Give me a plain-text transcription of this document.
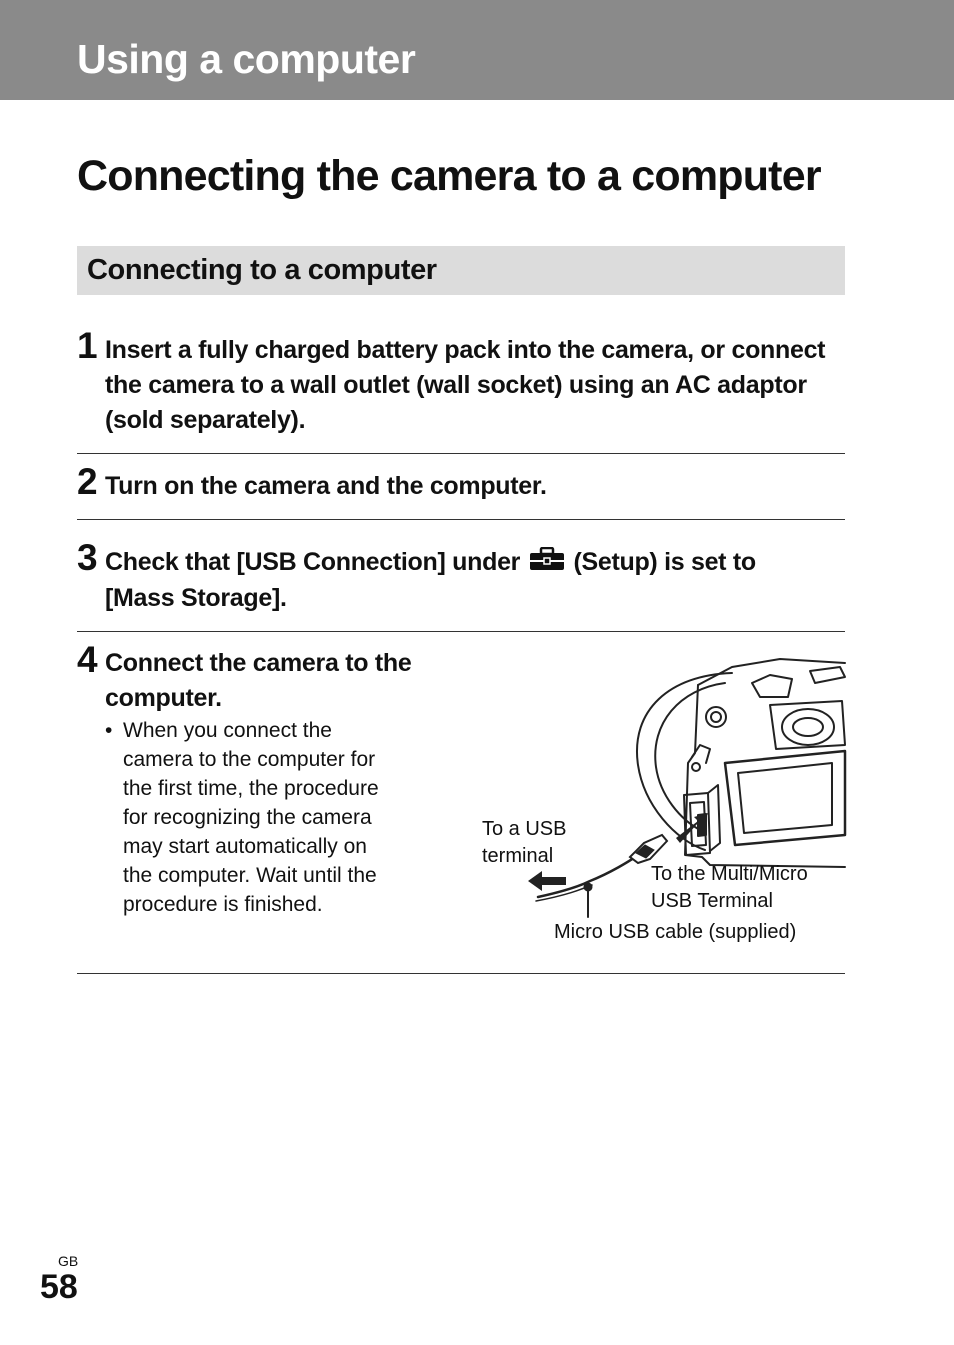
Using a computer
Connecting the camera to a computer
Connecting to a computer
1 Insert a fully charged battery pack into the camera, or connect
the camera to a wall outlet (wall socket) using an AC adaptor
(sold separately).
2 Turn on the camera and the computer.
3 Check that [USB Connection] under (Setup) is set to
[Mass Storage].
4 Connect the camera to the
computer.
• When you connect the
camera to the computer for
the first time, the procedure
for recognizing the camera
may start automatically on
the computer. Wait until the
procedure is finished.
To a USB
terminal
To the Multi/Micro
USB Terminal
Micro USB cable (supplied)
GB
58
